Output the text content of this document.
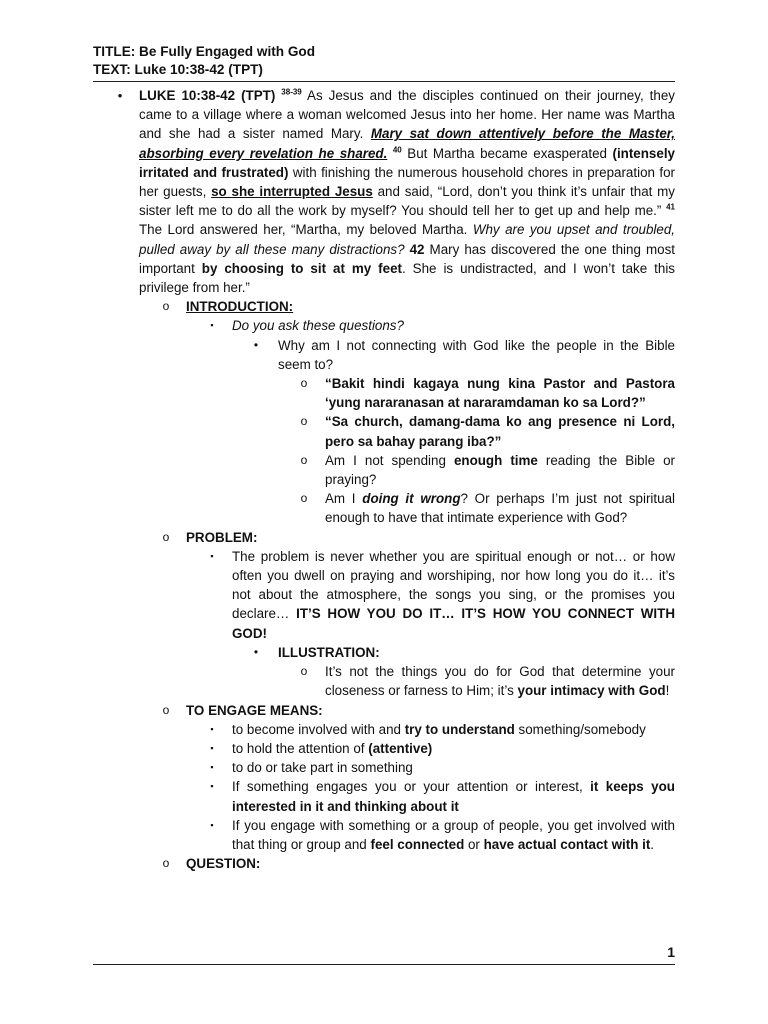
TITLE: Be Fully Engaged with God
TEXT: Luke 10:38-42 (TPT)
•	LUKE 10:38-42 (TPT) $^{38-39}$ As Jesus and the disciples continued on their journey, they came to a village where a woman welcomed Jesus into her home. Her name was Martha and she had a sister named Mary. Mary sat down attentively before the Master, absorbing every revelation he shared. $^{40}$ But Martha became exasperated (intensely irritated and frustrated) with finishing the numerous household chores in preparation for her guests, so she interrupted Jesus and said, “Lord, don’t you think it’s unfair that my sister left me to do all the work by myself? You should tell her to get up and help me.” $^{41}$ The Lord answered her, “Martha, my beloved Martha. Why are you upset and troubled, pulled away by all these many distractions? 42 Mary has discovered the one thing most important by choosing to sit at my feet. She is undistracted, and I won’t take this privilege from her.”

o INTRODUCTION:

▪ Do you ask these questions?

• Why am I not connecting with God like the people in the Bible seem to?

o “Bakit hindi kagaya nung kina Pastor and Pastora ‘yung nararanasan at nararamdaman ko sa Lord?”

o “Sa church, damang-dama ko ang presence ni Lord, pero sa bahay parang iba?”

o Am I not spending enough time reading the Bible or praying?

o Am I doing it wrong? Or perhaps I’m just not spiritual enough to have that intimate experience with God?

o PROBLEM:

▪ The problem is never whether you are spiritual enough or not… or how often you dwell on praying and worshiping, nor how long you do it… it’s not about the atmosphere, the songs you sing, or the promises you declare… IT’S HOW YOU DO IT… IT’S HOW YOU CONNECT WITH GOD!

• ILLUSTRATION:

o It’s not the things you do for God that determine your closeness or farness to Him; it’s your intimacy with God!

o TO ENGAGE MEANS:

▪ to become involved with and try to understand something/somebody

▪ to hold the attention of (attentive)

▪ to do or take part in something

▪ If something engages you or your attention or interest, it keeps you interested in it and thinking about it

▪ If you engage with something or a group of people, you get involved with that thing or group and feel connected or have actual contact with it.

o QUESTION:

1
